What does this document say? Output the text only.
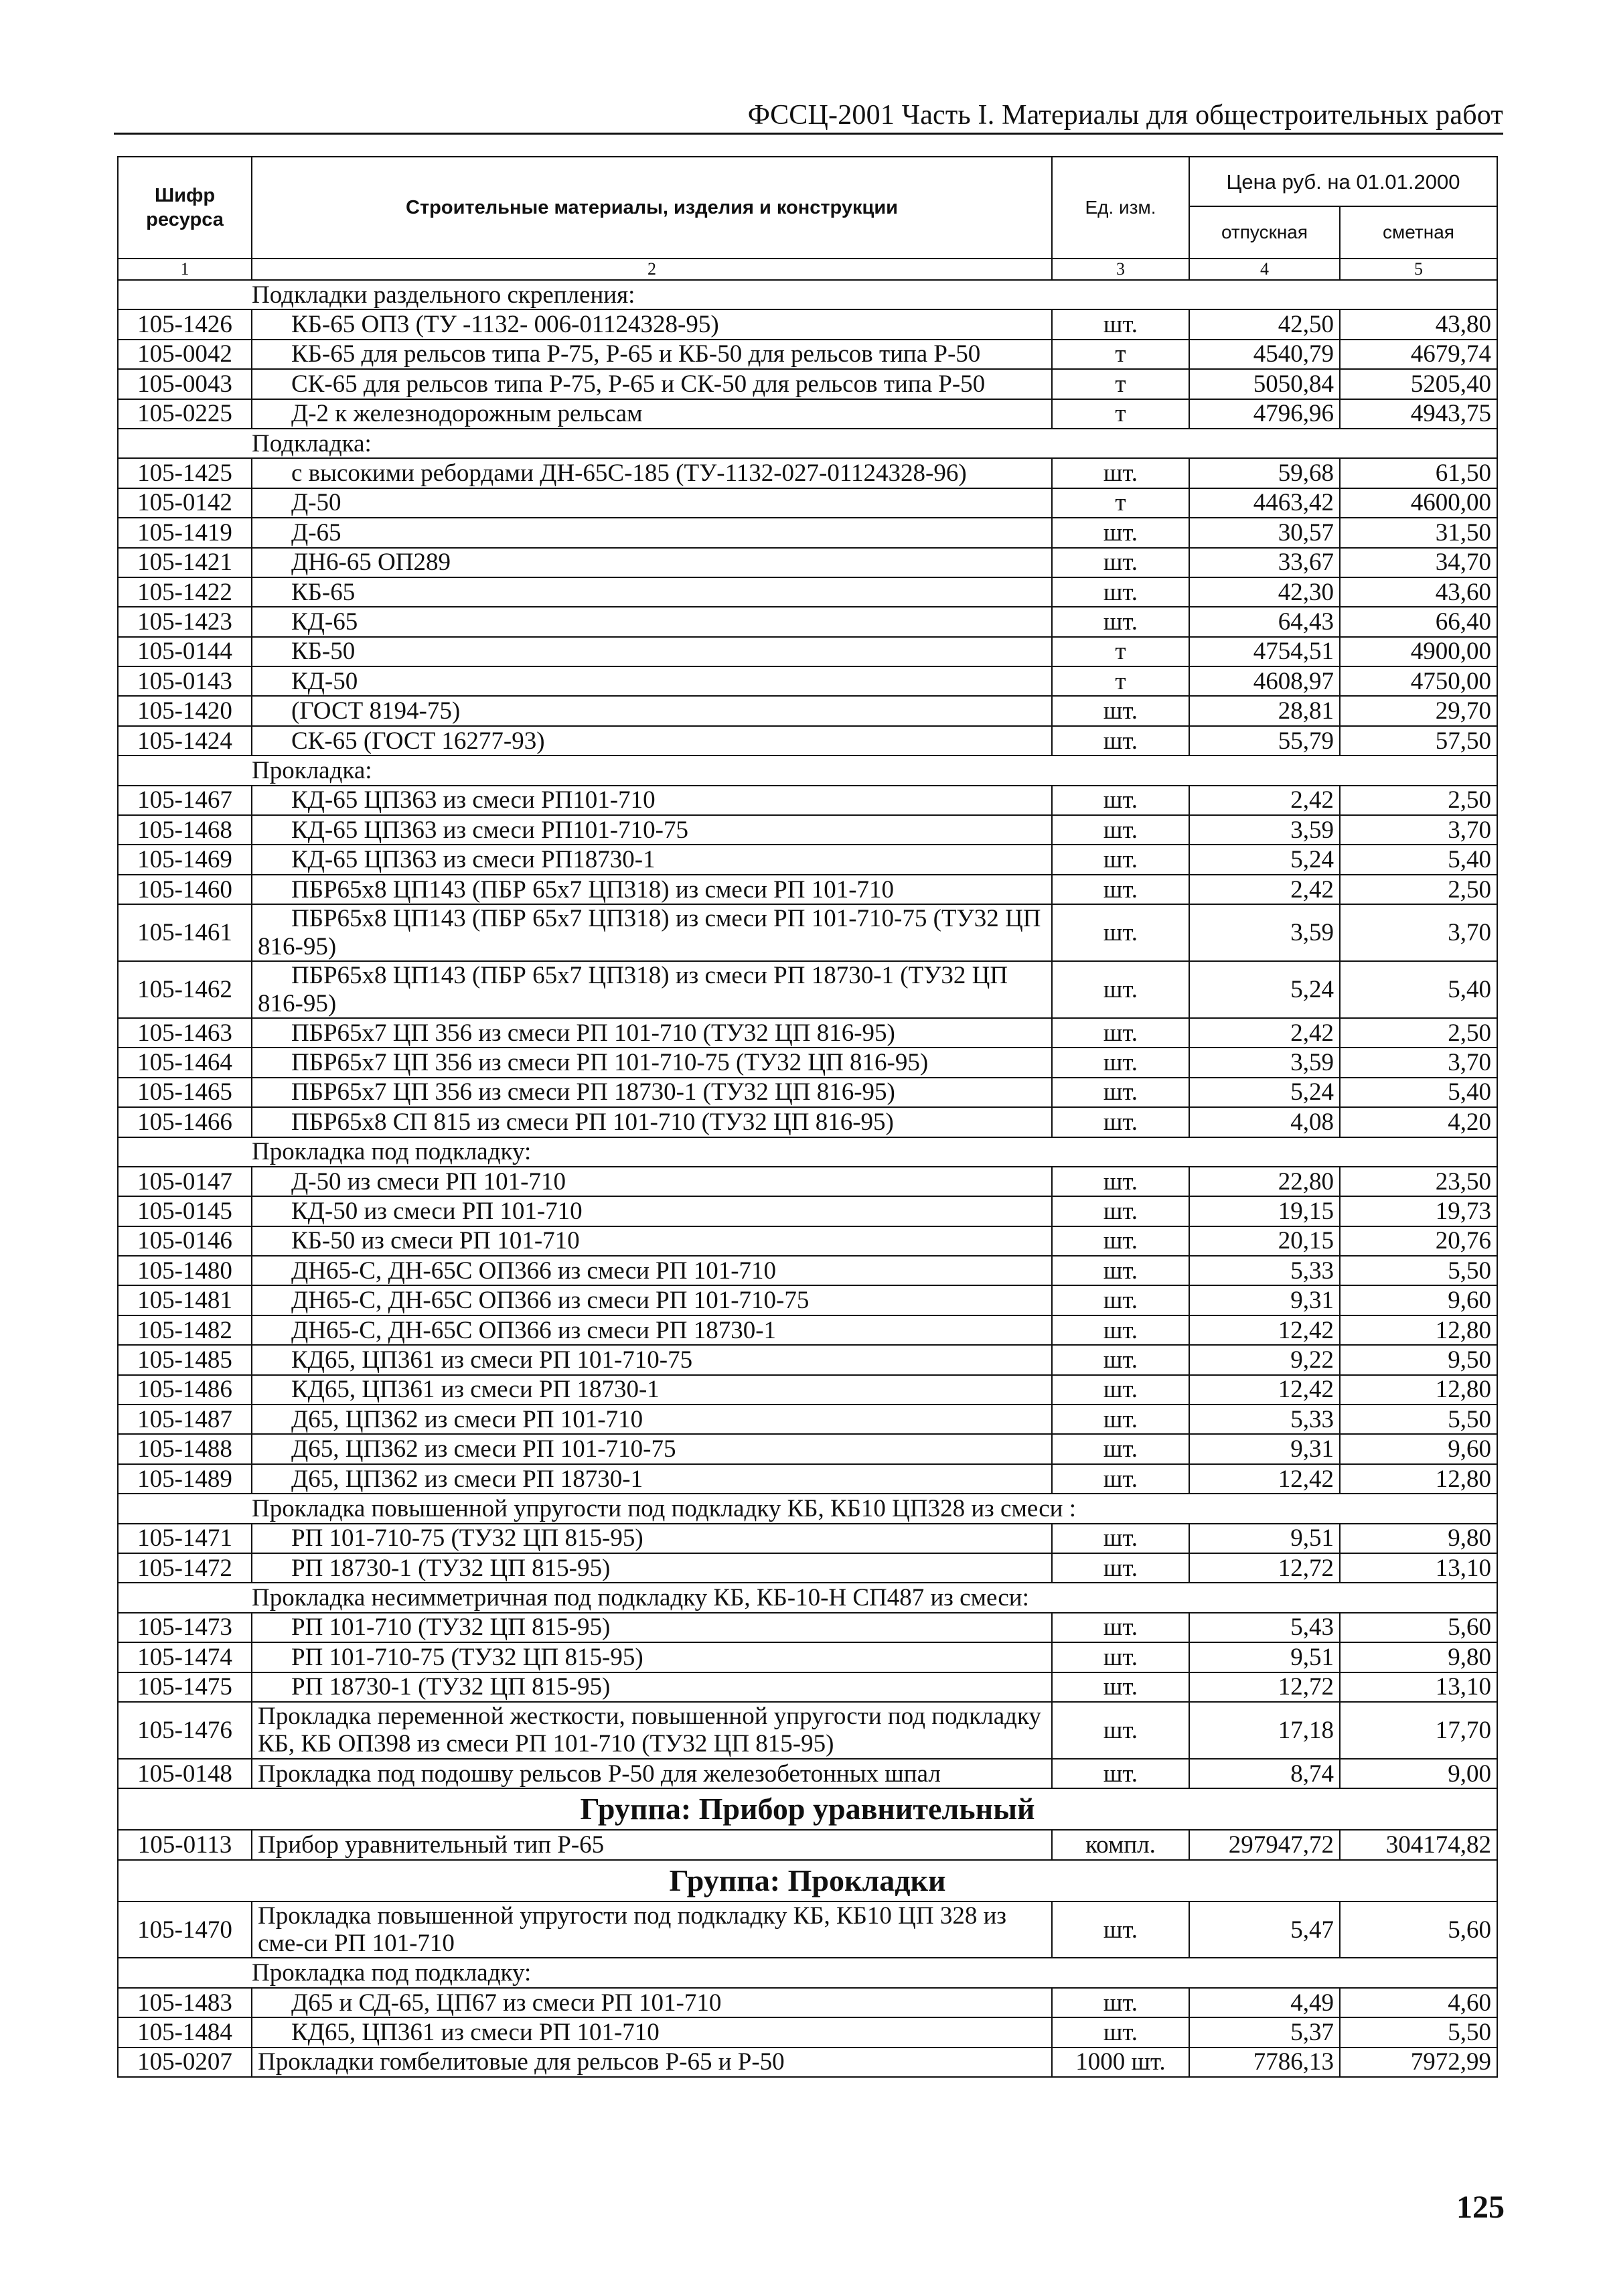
ФССЦ-2001 Часть I. Материалы для общестроительных работ
Шифр ресурса	Строительные материалы, изделия и конструкции	Ед. изм.	Цена руб. на 01.01.2000	
			отпускная	сметная
1	2	3	4	5
	Подкладки раздельного скрепления:			
105-1426	КБ-65 ОП3 (ТУ -1132- 006-01124328-95)	шт.	42,50	43,80
105-0042	КБ-65 для рельсов типа Р-75, Р-65 и КБ-50 для рельсов типа Р-50	т	4540,79	4679,74
105-0043	СК-65 для рельсов типа Р-75, Р-65 и СК-50 для рельсов типа Р-50	т	5050,84	5205,40
105-0225	Д-2 к железнодорожным рельсам	т	4796,96	4943,75
	Подкладка:			
105-1425	с высокими ребордами ДН-65С-185 (ТУ-1132-027-01124328-96)	шт.	59,68	61,50
105-0142	Д-50	т	4463,42	4600,00
105-1419	Д-65	шт.	30,57	31,50
105-1421	ДН6-65 ОП289	шт.	33,67	34,70
105-1422	КБ-65	шт.	42,30	43,60
105-1423	КД-65	шт.	64,43	66,40
105-0144	КБ-50	т	4754,51	4900,00
105-0143	КД-50	т	4608,97	4750,00
105-1420	(ГОСТ 8194-75)	шт.	28,81	29,70
105-1424	СК-65 (ГОСТ 16277-93)	шт.	55,79	57,50
	Прокладка:			
105-1467	КД-65 ЦП363 из смеси РП101-710	шт.	2,42	2,50
105-1468	КД-65 ЦП363 из смеси РП101-710-75	шт.	3,59	3,70
105-1469	КД-65 ЦП363 из смеси РП18730-1	шт.	5,24	5,40
105-1460	ПБР65х8 ЦП143 (ПБР 65х7 ЦП318) из смеси РП 101-710	шт.	2,42	2,50
105-1461	ПБР65х8 ЦП143 (ПБР 65х7 ЦП318) из смеси РП 101-710-75 (ТУ32 ЦП 816-95)	шт.	3,59	3,70
105-1462	ПБР65х8 ЦП143 (ПБР 65х7 ЦП318) из смеси РП 18730-1 (ТУ32 ЦП 816-95)	шт.	5,24	5,40
105-1463	ПБР65х7 ЦП 356 из смеси РП 101-710 (ТУ32 ЦП 816-95)	шт.	2,42	2,50
105-1464	ПБР65х7 ЦП 356 из смеси РП 101-710-75 (ТУ32 ЦП 816-95)	шт.	3,59	3,70
105-1465	ПБР65х7 ЦП 356 из смеси РП 18730-1 (ТУ32 ЦП 816-95)	шт.	5,24	5,40
105-1466	ПБР65х8 СП 815 из смеси РП 101-710 (ТУ32 ЦП 816-95)	шт.	4,08	4,20
	Прокладка под подкладку:			
105-0147	Д-50 из смеси РП 101-710	шт.	22,80	23,50
105-0145	КД-50 из смеси РП 101-710	шт.	19,15	19,73
105-0146	КБ-50 из смеси РП 101-710	шт.	20,15	20,76
105-1480	ДН65-С, ДН-65С ОП366 из смеси РП 101-710	шт.	5,33	5,50
105-1481	ДН65-С, ДН-65С ОП366 из смеси РП 101-710-75	шт.	9,31	9,60
105-1482	ДН65-С, ДН-65С ОП366 из смеси РП 18730-1	шт.	12,42	12,80
105-1485	КД65, ЦП361 из смеси РП 101-710-75	шт.	9,22	9,50
105-1486	КД65, ЦП361 из смеси РП 18730-1	шт.	12,42	12,80
105-1487	Д65, ЦП362 из смеси РП 101-710	шт.	5,33	5,50
105-1488	Д65, ЦП362 из смеси РП 101-710-75	шт.	9,31	9,60
105-1489	Д65, ЦП362 из смеси РП 18730-1	шт.	12,42	12,80
	Прокладка повышенной упругости под подкладку КБ, КБ10 ЦП328 из смеси :			
105-1471	РП 101-710-75 (ТУ32 ЦП 815-95)	шт.	9,51	9,80
105-1472	РП 18730-1 (ТУ32 ЦП 815-95)	шт.	12,72	13,10
	Прокладка несимметричная под подкладку КБ, КБ-10-Н СП487 из смеси:			
105-1473	РП 101-710 (ТУ32 ЦП 815-95)	шт.	5,43	5,60
105-1474	РП 101-710-75 (ТУ32 ЦП 815-95)	шт.	9,51	9,80
105-1475	РП 18730-1 (ТУ32 ЦП 815-95)	шт.	12,72	13,10
105-1476	Прокладка переменной жесткости, повышенной упругости под подкладку КБ, КБ ОП398 из смеси РП 101-710 (ТУ32 ЦП 815-95)	шт.	17,18	17,70
105-0148	Прокладка под подошву рельсов Р-50 для железобетонных шпал	шт.	8,74	9,00
Группа: Прибор уравнительный				
105-0113	Прибор уравнительный тип Р-65	компл.	297947,72	304174,82
Группа: Прокладки				
105-1470	Прокладка повышенной упругости под подкладку КБ, КБ10 ЦП 328 из сме-си РП 101-710	шт.	5,47	5,60
	Прокладка под подкладку:			
105-1483	Д65 и СД-65, ЦП67 из смеси РП 101-710	шт.	4,49	4,60
105-1484	КД65, ЦП361 из смеси РП 101-710	шт.	5,37	5,50
105-0207	Прокладки гомбелитовые для рельсов Р-65 и Р-50	1000 шт.	7786,13	7972,99
125
